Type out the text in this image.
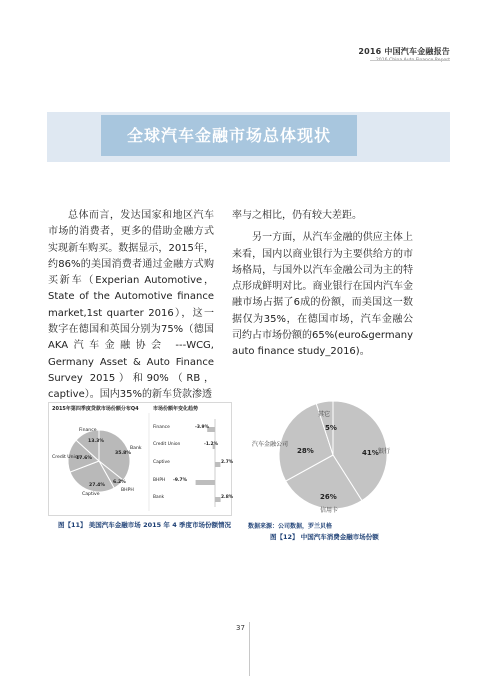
2016 中国汽车金融报告
2016 China Auto Finance Report
全球汽车金融市场总体现状

总体而言，发达国家和地区汽车市场的消费者，更多的借助金融方式实现新车购买。数据显示，2015年，约86%的美国消费者通过金融方式购买新车（Experian Automotive，State of the Automotive finance market,1st quarter 2016），这一数字在德国和英国分别为75%（德国AKA汽车金融协会 ---WCG, Germany Asset & Auto Finance Survey 2015）和90%（RB，captive）。国内35%的新车贷款渗透

率与之相比，仍有较大差距。

另一方面，从汽车金融的供应主体上来看，国内以商业银行为主要供给方的市场格局，与国外以汽车金融公司为主的特点形成鲜明对比。商业银行在国内汽车金融市场占据了6成的份额，而美国这一数据仅为35%，在德国市场，汽车金融公司约占市场份额的65%(euro&germany auto finance study_2016)。

2015年第四季度贷款市场份额分布Q4	市场份额年变化趋势
Finance
13.3%
Credit Union
17.6%
Bank
35.8%
27.4%
Captive
6.2%
BHPH
Finance
Credit Union
Captive
BHPH
Bank
-3.9%
-1.2%
2.7%
-9.7%
2.8%
图【11】 美国汽车金融市场 2015 年 4 季度市场份额情况
其它
5%
汽车金融公司
28%	41% 银行
26%
信用卡
数据来源：公司数据，罗兰贝格
图【12】 中国汽车消费金融市场份额
37
